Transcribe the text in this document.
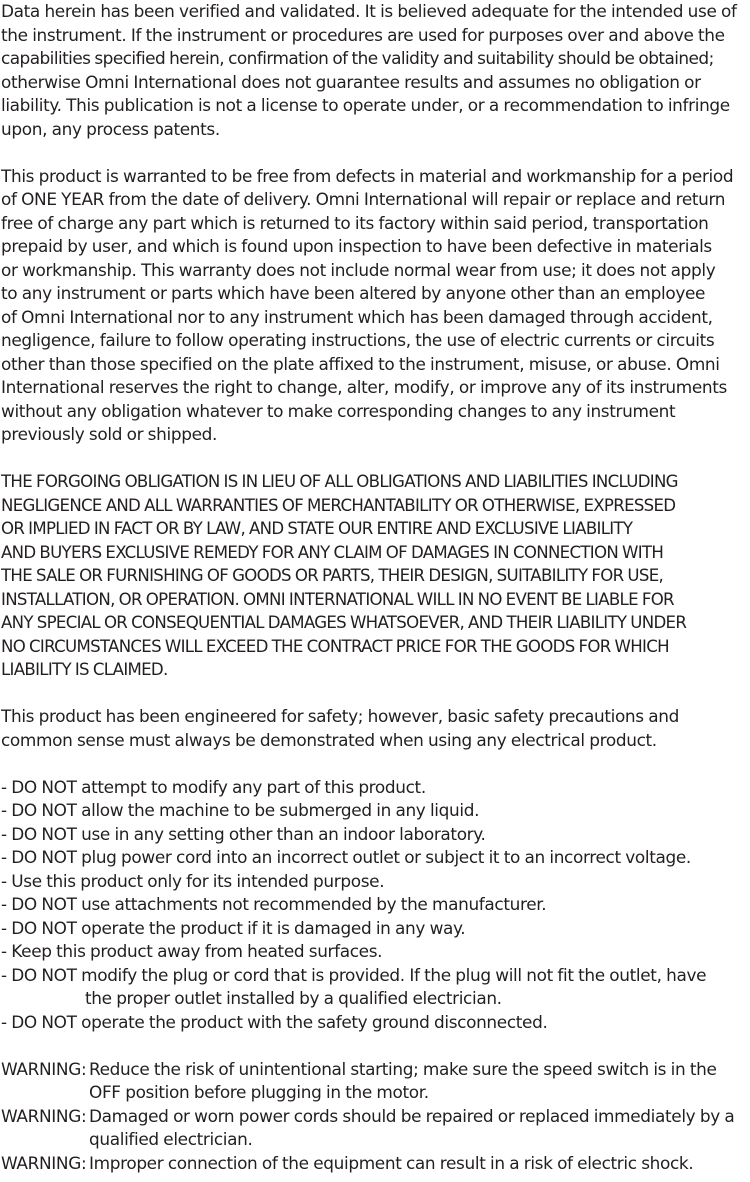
Data herein has been verified and validated. It is believed adequate for the intended use of
the instrument. If the instrument or procedures are used for purposes over and above the
capabilities specified herein, confirmation of the validity and suitability should be obtained;
otherwise Omni International does not guarantee results and assumes no obligation or
liability. This publication is not a license to operate under, or a recommendation to infringe
upon, any process patents.
This product is warranted to be free from defects in material and workmanship for a period
of ONE YEAR from the date of delivery. Omni International will repair or replace and return
free of charge any part which is returned to its factory within said period, transportation
prepaid by user, and which is found upon inspection to have been defective in materials
or workmanship. This warranty does not include normal wear from use; it does not apply
to any instrument or parts which have been altered by anyone other than an employee
of Omni International nor to any instrument which has been damaged through accident,
negligence, failure to follow operating instructions, the use of electric currents or circuits
other than those specified on the plate affixed to the instrument, misuse, or abuse. Omni
International reserves the right to change, alter, modify, or improve any of its instruments
without any obligation whatever to make corresponding changes to any instrument
previously sold or shipped.
THE FORGOING OBLIGATION IS IN LIEU OF ALL OBLIGATIONS AND LIABILITIES INCLUDING
NEGLIGENCE AND ALL WARRANTIES OF MERCHANTABILITY OR OTHERWISE, EXPRESSED
OR IMPLIED IN FACT OR BY LAW, AND STATE OUR ENTIRE AND EXCLUSIVE LIABILITY
AND BUYERS EXCLUSIVE REMEDY FOR ANY CLAIM OF DAMAGES IN CONNECTION WITH
THE SALE OR FURNISHING OF GOODS OR PARTS, THEIR DESIGN, SUITABILITY FOR USE,
INSTALLATION, OR OPERATION. OMNI INTERNATIONAL WILL IN NO EVENT BE LIABLE FOR
ANY SPECIAL OR CONSEQUENTIAL DAMAGES WHATSOEVER, AND THEIR LIABILITY UNDER
NO CIRCUMSTANCES WILL EXCEED THE CONTRACT PRICE FOR THE GOODS FOR WHICH
LIABILITY IS CLAIMED.
This product has been engineered for safety; however, basic safety precautions and
common sense must always be demonstrated when using any electrical product.
- DO NOT attempt to modify any part of this product.
- DO NOT allow the machine to be submerged in any liquid.
- DO NOT use in any setting other than an indoor laboratory.
- DO NOT plug power cord into an incorrect outlet or subject it to an incorrect voltage.
- Use this product only for its intended purpose.
- DO NOT use attachments not recommended by the manufacturer.
- DO NOT operate the product if it is damaged in any way.
- Keep this product away from heated surfaces.
- DO NOT modify the plug or cord that is provided. If the plug will not fit the outlet, have
the proper outlet installed by a qualified electrician.
- DO NOT operate the product with the safety ground disconnected.
WARNING: Reduce the risk of unintentional starting; make sure the speed switch is in the
OFF position before plugging in the motor.
WARNING: Damaged or worn power cords should be repaired or replaced immediately by a
qualified electrician.
WARNING: Improper connection of the equipment can result in a risk of electric shock.
